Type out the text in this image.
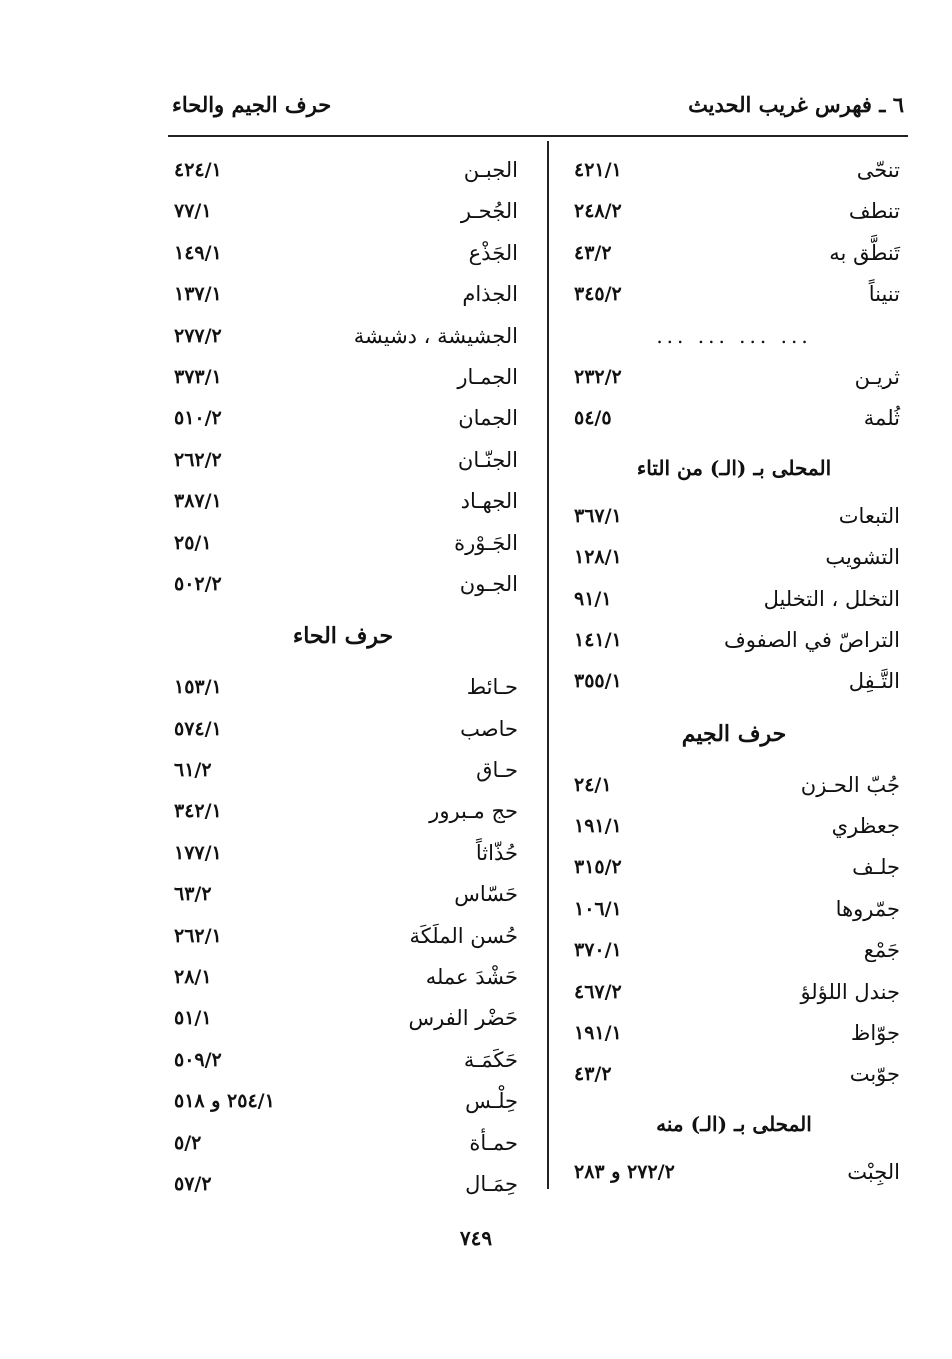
٦ ـ فهرس غريب الحديث
حرف الجيم والحاء
تنحّى
٤٢١/١
تنطف
٢٤٨/٢
تَنطَّق به
٤٣/٢
تنيناً
٣٤٥/٢
... ... ... ...
ثريـن
٢٣٢/٢
ثُلمة
٥٤/٥
المحلى بـ (الـ) من التاء
التبعات
٣٦٧/١
التشويب
١٢٨/١
التخلل ، التخليل
٩١/١
التراصّ في الصفوف
١٤١/١
التَّـفِل
٣٥٥/١
حرف الجيم
جُبّ الحـزن
٢٤/١
جعظري
١٩١/١
جلـف
٣١٥/٢
جمّروها
١٠٦/١
جَمْع
٣٧٠/١
جندل اللؤلؤ
٤٦٧/٢
جوّاظ
١٩١/١
جوّبت
٤٣/٢
المحلى بـ (الـ) منه
الجِبْت
٢٧٢/٢ و ٢٨٣
الجبـن
٤٢٤/١
الجُحـر
٧٧/١
الجَذْع
١٤٩/١
الجذام
١٣٧/١
الجشيشة ، دشيشة
٢٧٧/٢
الجمـار
٣٧٣/١
الجمان
٥١٠/٢
الجنّـان
٢٦٢/٢
الجهـاد
٣٨٧/١
الجَـوْرة
٢٥/١
الجـون
٥٠٢/٢
حرف الحاء
حـائط
١٥٣/١
حاصب
٥٧٤/١
حـاق
٦١/٢
حج مـبرور
٣٤٢/١
حُذّاثاً
١٧٧/١
حَسّاس
٦٣/٢
حُسن الملَكَة
٢٦٢/١
حَشْدَ عمله
٢٨/١
حَضْر الفرس
٥١/١
حَكَمَـة
٥٠٩/٢
حِلْـس
٢٥٤/١ و ٥١٨
حمـأة
٥/٢
حِمَـال
٥٧/٢
٧٤٩
